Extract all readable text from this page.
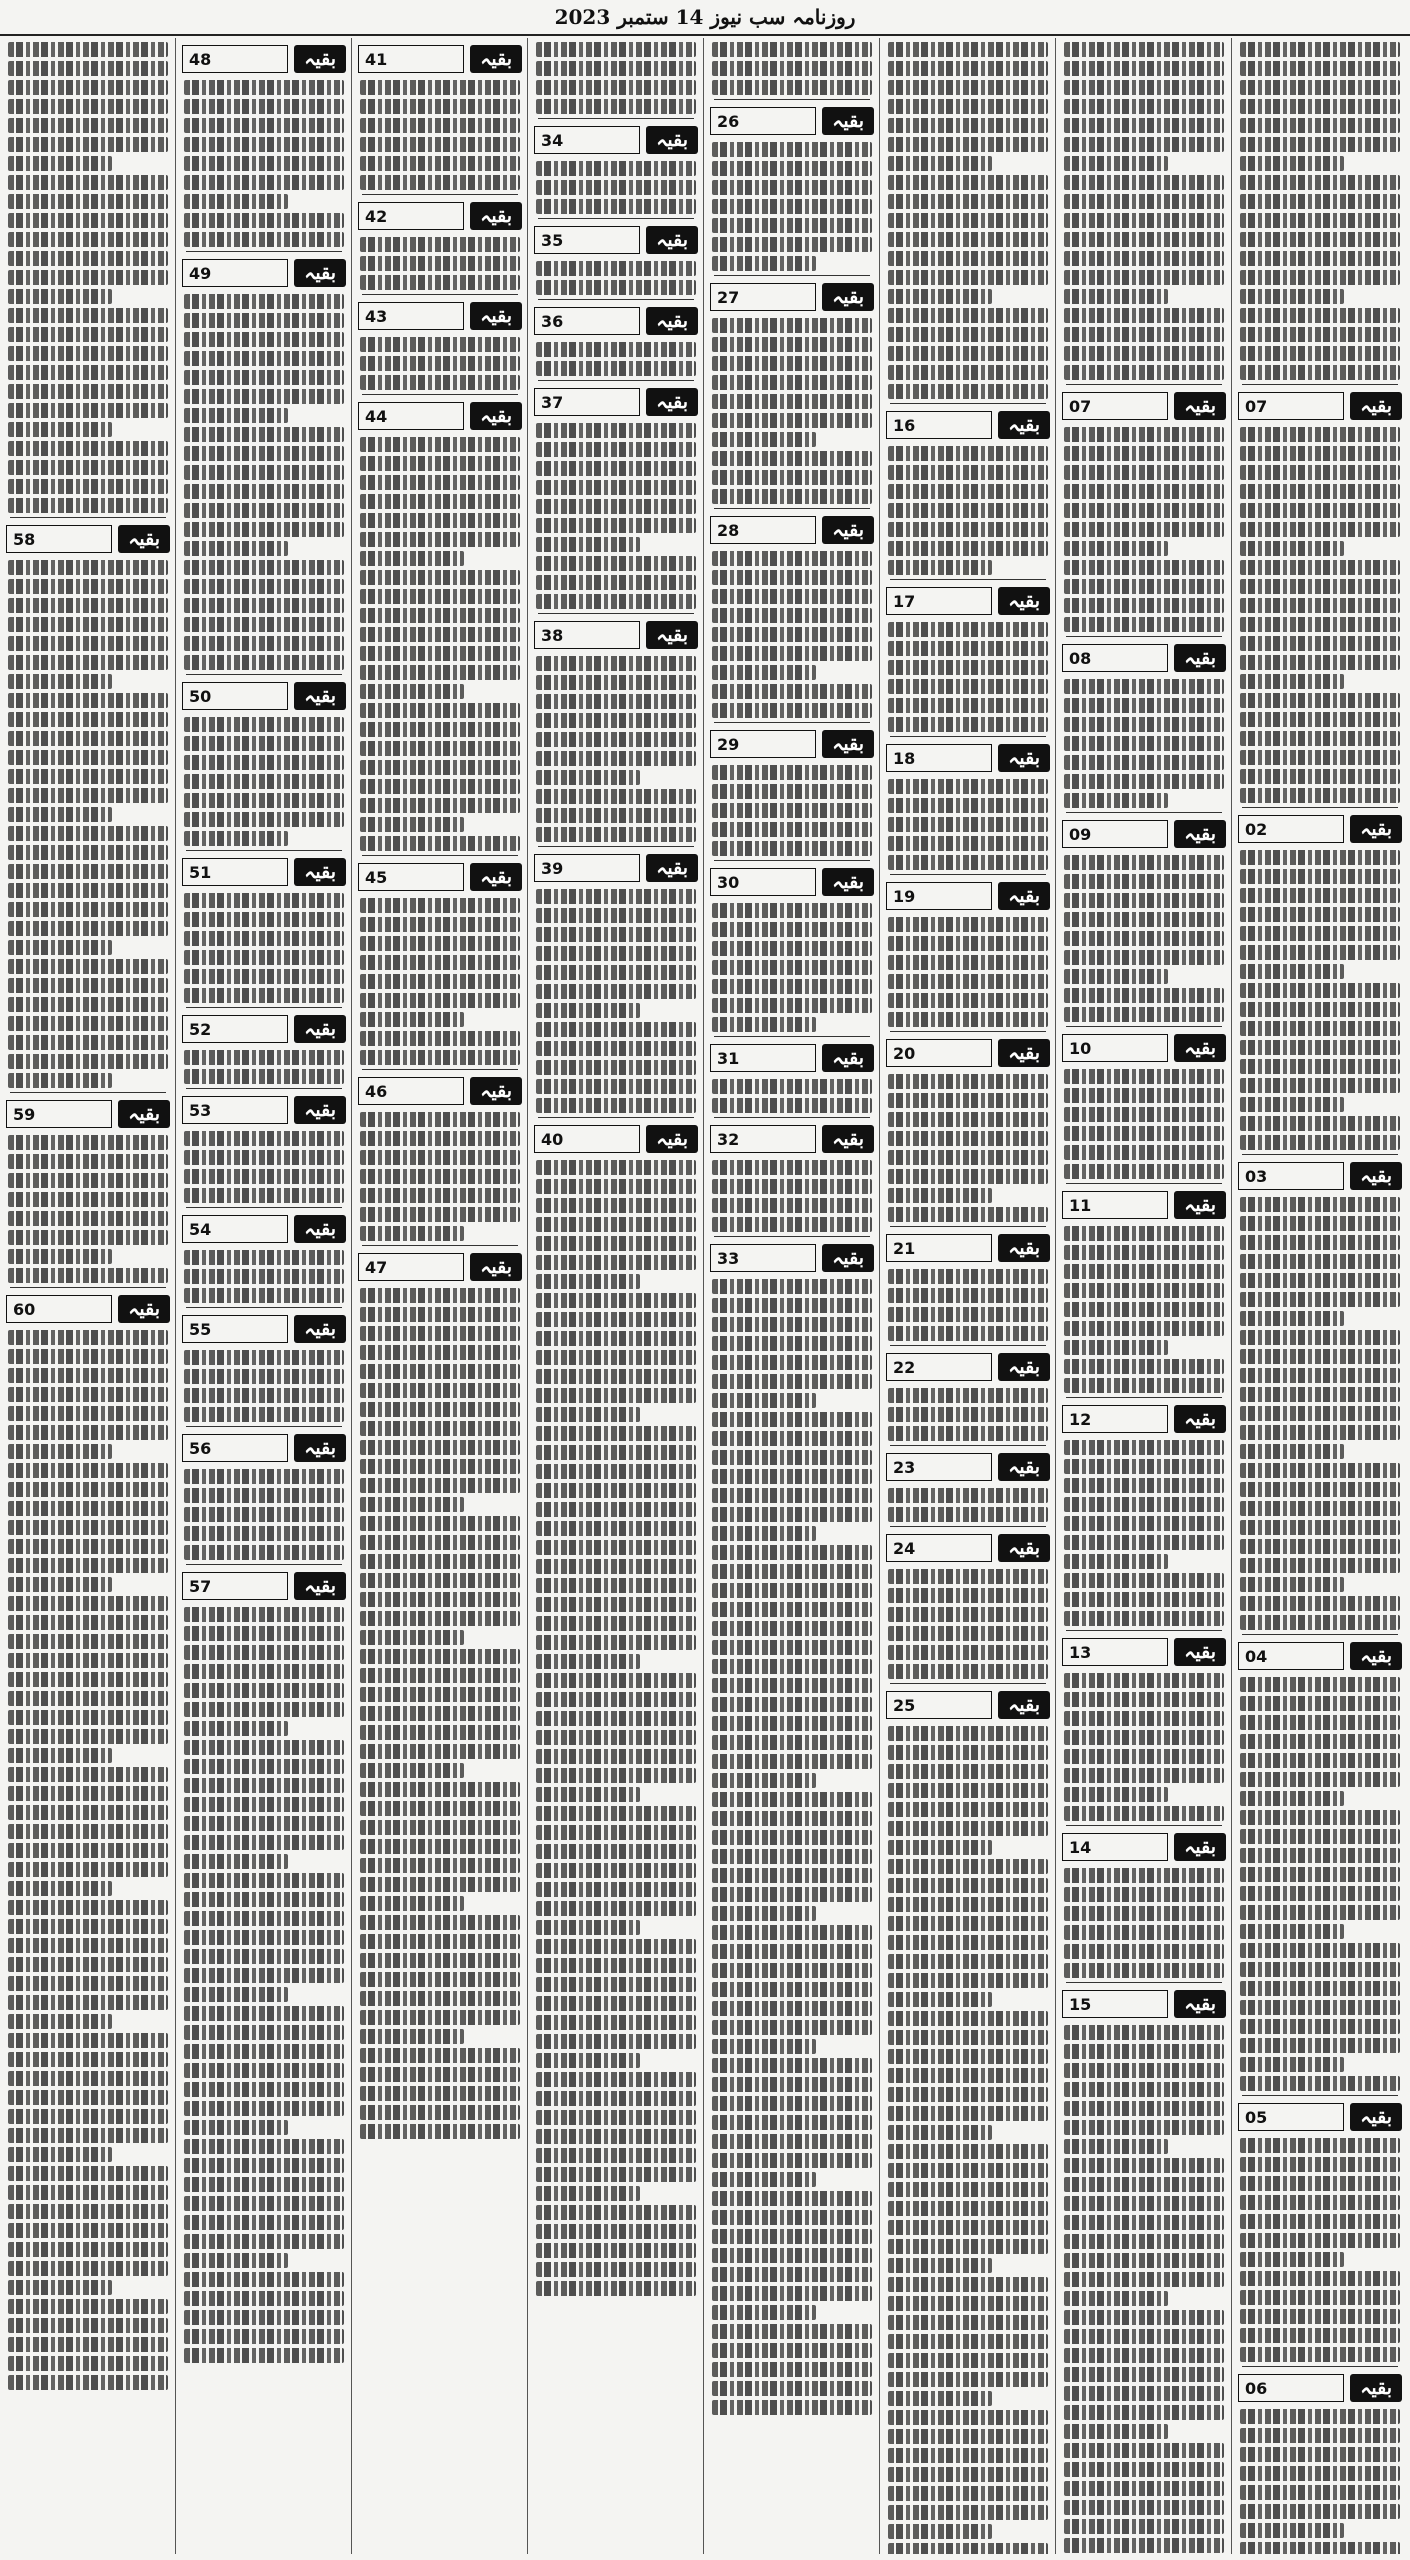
روزنامہ سب نیوز 14 ستمبر 2023
بقیہ
07
بقیہ
02
بقیہ
03
بقیہ
04
بقیہ
05
بقیہ
06
بقیہ
07
بقیہ
08
بقیہ
09
بقیہ
10
بقیہ
11
بقیہ
12
بقیہ
13
بقیہ
14
بقیہ
15
بقیہ
16
بقیہ
17
بقیہ
18
بقیہ
19
بقیہ
20
بقیہ
21
بقیہ
22
بقیہ
23
بقیہ
24
بقیہ
25
بقیہ
26
بقیہ
27
بقیہ
28
بقیہ
29
بقیہ
30
بقیہ
31
بقیہ
32
بقیہ
33
بقیہ
34
بقیہ
35
بقیہ
36
بقیہ
37
بقیہ
38
بقیہ
39
بقیہ
40
بقیہ
41
بقیہ
42
بقیہ
43
بقیہ
44
بقیہ
45
بقیہ
46
بقیہ
47
بقیہ
48
بقیہ
49
بقیہ
50
بقیہ
51
بقیہ
52
بقیہ
53
بقیہ
54
بقیہ
55
بقیہ
56
بقیہ
57
بقیہ
58
بقیہ
59
بقیہ
60
